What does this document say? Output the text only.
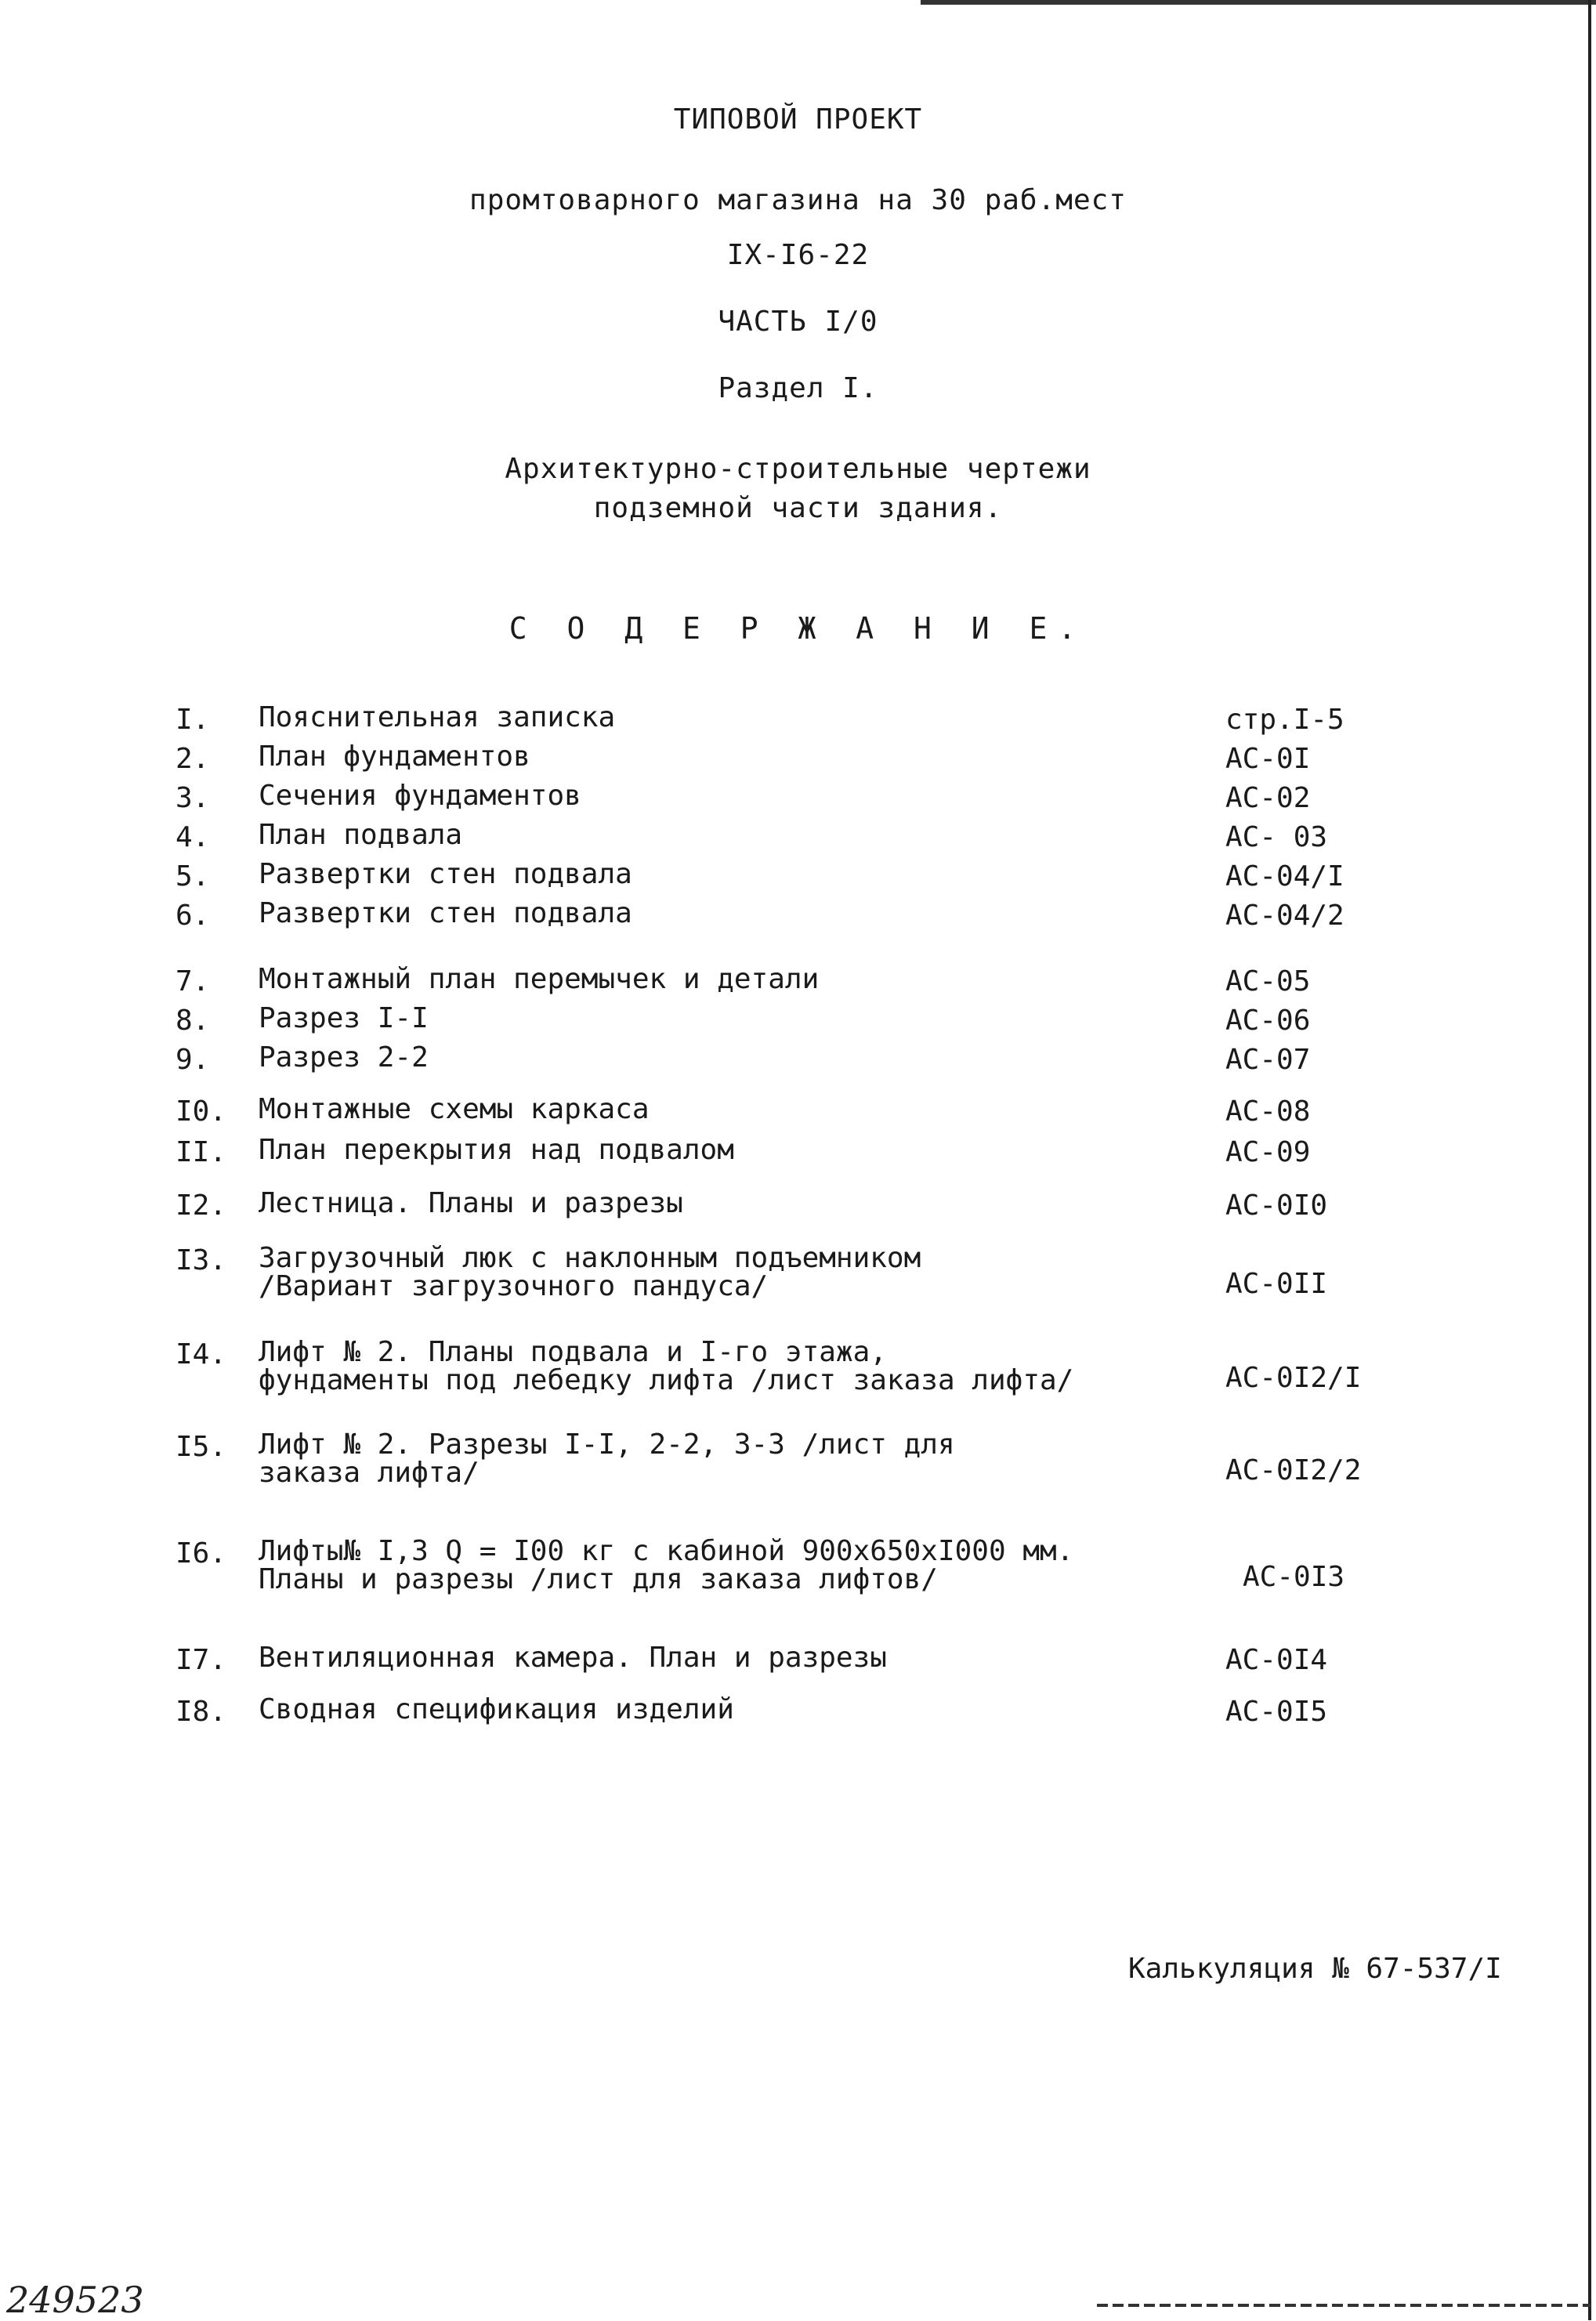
ТИПОВОЙ ПРОЕКТ
промтоварного магазина на 30 раб.мест
IX-I6-22
ЧАСТЬ I/0
Раздел I.
Архитектурно-строительные чертежи
подземной части здания.
С О Д Е Р Ж А Н И Е.
I. Пояснительная записка	стр.I-5
2. План фундаментов	АС-0I
3. Сечения фундаментов	АС-02
4. План подвала	АС- 03
5. Развертки стен подвала	АС-04/I
6. Развертки стен подвала	АС-04/2
7. Монтажный план перемычек и детали	АС-05
8. Разрез I-I	АС-06
9. Разрез 2-2	АС-07
I0. Монтажные схемы каркаса	АС-08
II. План перекрытия над подвалом	АС-09
I2. Лестница. Планы и разрезы	АС-0I0
I3. Загрузочный люк с наклонным подъемником
/Вариант загрузочного пандуса/	АС-0II
I4. Лифт № 2. Планы подвала и I-го этажа,
фундаменты под лебедку лифта /лист заказа лифта/	АС-0I2/I
I5. Лифт № 2. Разрезы I-I, 2-2, 3-3 /лист для
заказа лифта/	АС-0I2/2
I6. Лифты№ I,3 Q = I00 кг с кабиной 900x650xI000 мм.
Планы и разрезы /лист для заказа лифтов/	АС-0I3
I7. Вентиляционная камера. План и разрезы	АС-0I4
I8. Сводная спецификация изделий	АС-0I5
Калькуляция № 67-537/I
249523
